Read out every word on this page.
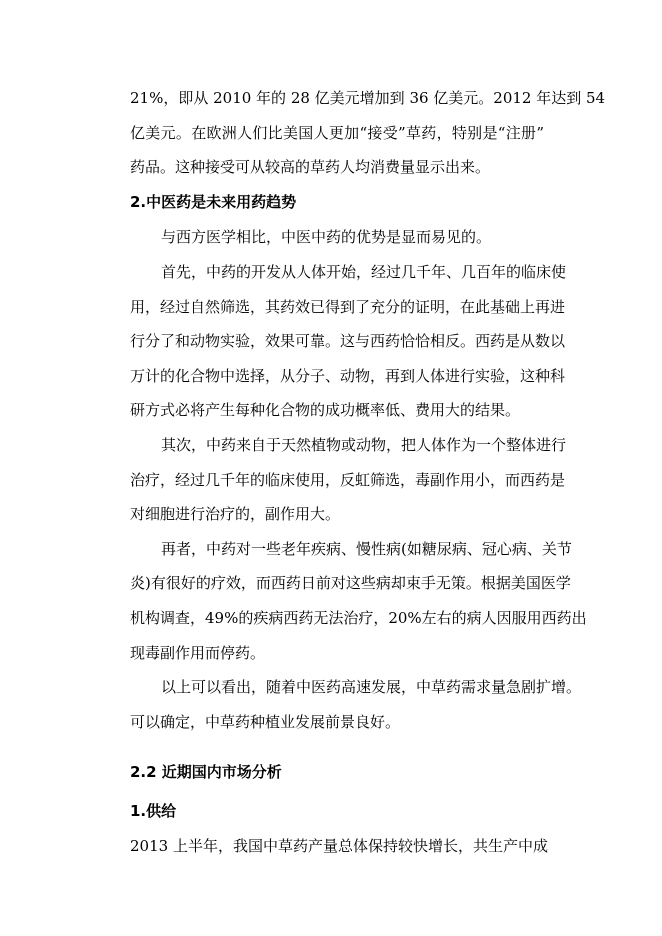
21%，即从 2010 年的 28 亿美元增加到 36 亿美元。2012 年达到 54

亿美元。在欧洲人们比美国人更加“接受”草药，特别是“注册”

药品。这种接受可从较高的草药人均消费量显示出来。

2.中医药是未来用药趋势

与西方医学相比，中医中药的优势是显而易见的。

首先，中药的开发从人体开始，经过几千年、几百年的临床使

用，经过自然筛选，其药效已得到了充分的证明，在此基础上再进

行分了和动物实验，效果可靠。这与西药恰恰相反。西药是从数以

万计的化合物中选择，从分子、动物，再到人体进行实验，这种科

研方式必将产生每种化合物的成功概率低、费用大的结果。

其次，中药来自于天然植物或动物，把人体作为一个整体进行

治疗，经过几千年的临床使用，反虹筛选，毒副作用小，而西药是

对细胞进行治疗的，副作用大。

再者，中药对一些老年疾病、慢性病(如糖尿病、冠心病、关节

炎)有很好的疗效，而西药日前对这些病却束手无策。根据美国医学

机构调查，49%的疾病西药无法治疗，20%左右的病人因服用西药出

现毒副作用而停药。

以上可以看出，随着中医药高速发展，中草药需求量急剧扩增。

可以确定，中草药种植业发展前景良好。

2.2 近期国内市场分析

1.供给

2013 上半年，我国中草药产量总体保持较快增长，共生产中成
